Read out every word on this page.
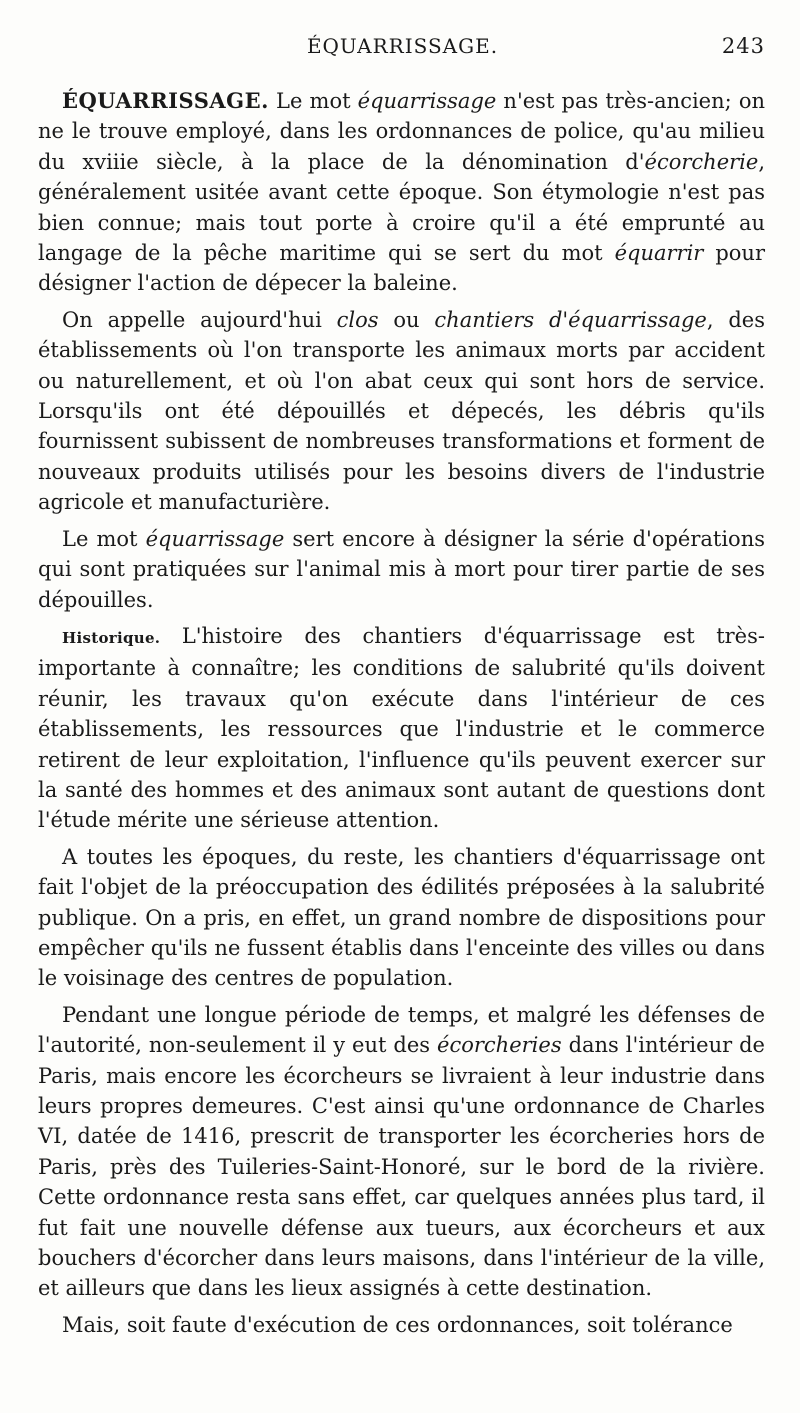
ÉQUARRISSAGE.	243

ÉQUARRISSAGE. Le mot équarrissage n'est pas très-ancien; on ne le trouve employé, dans les ordonnances de police, qu'au milieu du xviiie siècle, à la place de la dénomination d'écorcherie, généralement usitée avant cette époque. Son étymologie n'est pas bien connue; mais tout porte à croire qu'il a été emprunté au langage de la pêche maritime qui se sert du mot équarrir pour désigner l'action de dépecer la baleine.

On appelle aujourd'hui clos ou chantiers d'équarrissage, des établissements où l'on transporte les animaux morts par accident ou naturellement, et où l'on abat ceux qui sont hors de service. Lorsqu'ils ont été dépouillés et dépecés, les débris qu'ils fournissent subissent de nombreuses transformations et forment de nouveaux produits utilisés pour les besoins divers de l'industrie agricole et manufacturière.

Le mot équarrissage sert encore à désigner la série d'opérations qui sont pratiquées sur l'animal mis à mort pour tirer partie de ses dépouilles.

Historique. L'histoire des chantiers d'équarrissage est très-importante à connaître; les conditions de salubrité qu'ils doivent réunir, les travaux qu'on exécute dans l'intérieur de ces établissements, les ressources que l'industrie et le commerce retirent de leur exploitation, l'influence qu'ils peuvent exercer sur la santé des hommes et des animaux sont autant de questions dont l'étude mérite une sérieuse attention.

A toutes les époques, du reste, les chantiers d'équarrissage ont fait l'objet de la préoccupation des édilités préposées à la salubrité publique. On a pris, en effet, un grand nombre de dispositions pour empêcher qu'ils ne fussent établis dans l'enceinte des villes ou dans le voisinage des centres de population.

Pendant une longue période de temps, et malgré les défenses de l'autorité, non-seulement il y eut des écorcheries dans l'intérieur de Paris, mais encore les écorcheurs se livraient à leur industrie dans leurs propres demeures. C'est ainsi qu'une ordonnance de Charles VI, datée de 1416, prescrit de transporter les écorcheries hors de Paris, près des Tuileries-Saint-Honoré, sur le bord de la rivière. Cette ordonnance resta sans effet, car quelques années plus tard, il fut fait une nouvelle défense aux tueurs, aux écorcheurs et aux bouchers d'écorcher dans leurs maisons, dans l'intérieur de la ville, et ailleurs que dans les lieux assignés à cette destination.

Mais, soit faute d'exécution de ces ordonnances, soit tolérance
